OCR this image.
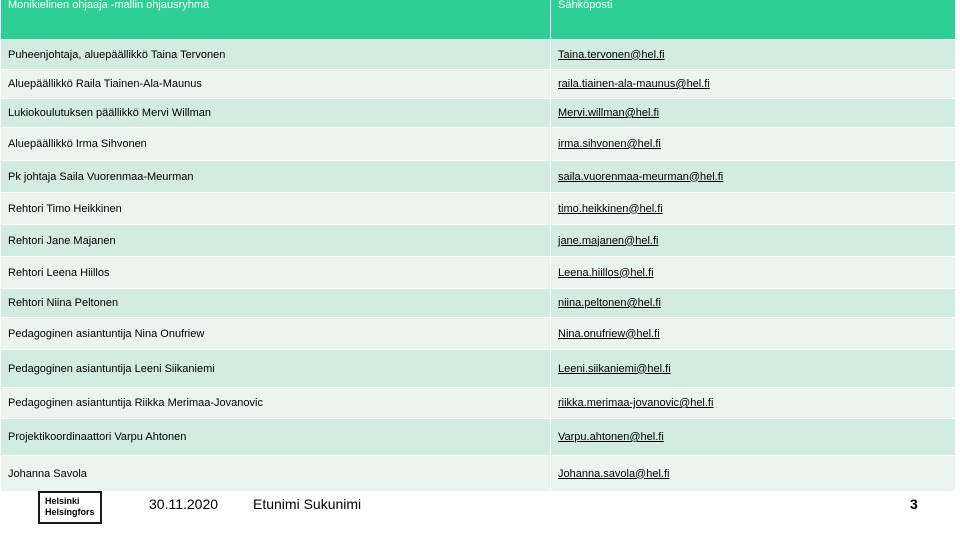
Monikielinen ohjaaja -mallin ohjausryhmä	Sähköposti
Puheenjohtaja, aluepäällikkö Taina Tervonen	Taina.tervonen@hel.fi
Aluepäällikkö Raila Tiainen-Ala-Maunus	raila.tiainen-ala-maunus@hel.fi
Lukiokoulutuksen päällikkö Mervi Willman	Mervi.willman@hel.fi
Aluepäällikkö Irma Sihvonen	irma.sihvonen@hel.fi
Pk johtaja Saila Vuorenmaa-Meurman	saila.vuorenmaa-meurman@hel.fi
Rehtori Timo Heikkinen	timo.heikkinen@hel.fi
Rehtori Jane Majanen	jane.majanen@hel.fi
Rehtori Leena Hiillos	Leena.hiillos@hel.fi
Rehtori Niina Peltonen	niina.peltonen@hel.fi
Pedagoginen asiantuntija Nina Onufriew	Nina.onufriew@hel.fi
Pedagoginen asiantuntija Leeni Siikaniemi	Leeni.siikaniemi@hel.fi
Pedagoginen asiantuntija Riikka Merimaa-Jovanovic	riikka.merimaa-jovanovic@hel.fi
Projektikoordinaattori Varpu Ahtonen	Varpu.ahtonen@hel.fi
Johanna Savola	Johanna.savola@hel.fi
Helsinki
Helsingfors	30.11.2020 Etunimi Sukunimi	3
